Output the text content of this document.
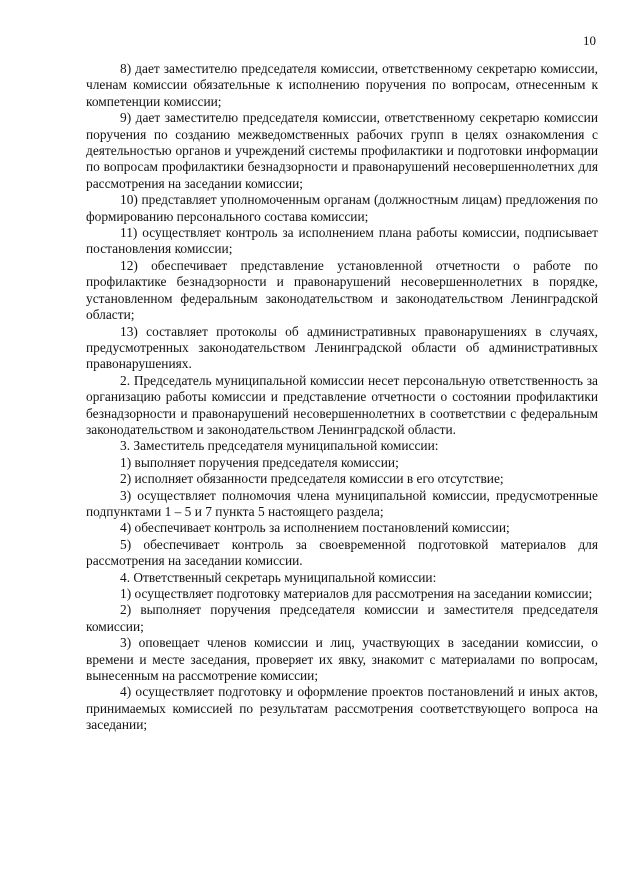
10

8) дает заместителю председателя комиссии, ответственному секретарю комиссии, членам комиссии обязательные к исполнению поручения по вопросам, отнесенным к компетенции комиссии;

9) дает заместителю председателя комиссии, ответственному секретарю комиссии поручения по созданию межведомственных рабочих групп в целях ознакомления с деятельностью органов и учреждений системы профилактики и подготовки информации по вопросам профилактики безнадзорности и правонарушений несовершеннолетних для рассмотрения на заседании комиссии;

10) представляет уполномоченным органам (должностным лицам) предложения по формированию персонального состава комиссии;

11) осуществляет контроль за исполнением плана работы комиссии, подписывает постановления комиссии;

12) обеспечивает представление установленной отчетности о работе по профилактике безнадзорности и правонарушений несовершеннолетних в порядке, установленном федеральным законодательством и законодательством Ленинградской области;

13) составляет протоколы об административных правонарушениях в случаях, предусмотренных законодательством Ленинградской области об административных правонарушениях.

2. Председатель муниципальной комиссии несет персональную ответственность за организацию работы комиссии и представление отчетности о состоянии профилактики безнадзорности и правонарушений несовершеннолетних в соответствии с федеральным законодательством и законодательством Ленинградской области.

3. Заместитель председателя муниципальной комиссии:

1) выполняет поручения председателя комиссии;

2) исполняет обязанности председателя комиссии в его отсутствие;

3) осуществляет полномочия члена муниципальной комиссии, предусмотренные подпунктами 1 – 5 и 7 пункта 5 настоящего раздела;

4) обеспечивает контроль за исполнением постановлений комиссии;

5) обеспечивает контроль за своевременной подготовкой материалов для рассмотрения на заседании комиссии.

4. Ответственный секретарь муниципальной комиссии:

1) осуществляет подготовку материалов для рассмотрения на заседании комиссии;

2) выполняет поручения председателя комиссии и заместителя председателя комиссии;

3) оповещает членов комиссии и лиц, участвующих в заседании комиссии, о времени и месте заседания, проверяет их явку, знакомит с материалами по вопросам, вынесенным на рассмотрение комиссии;

4) осуществляет подготовку и оформление проектов постановлений и иных актов, принимаемых комиссией по результатам рассмотрения соответствующего вопроса на заседании;
